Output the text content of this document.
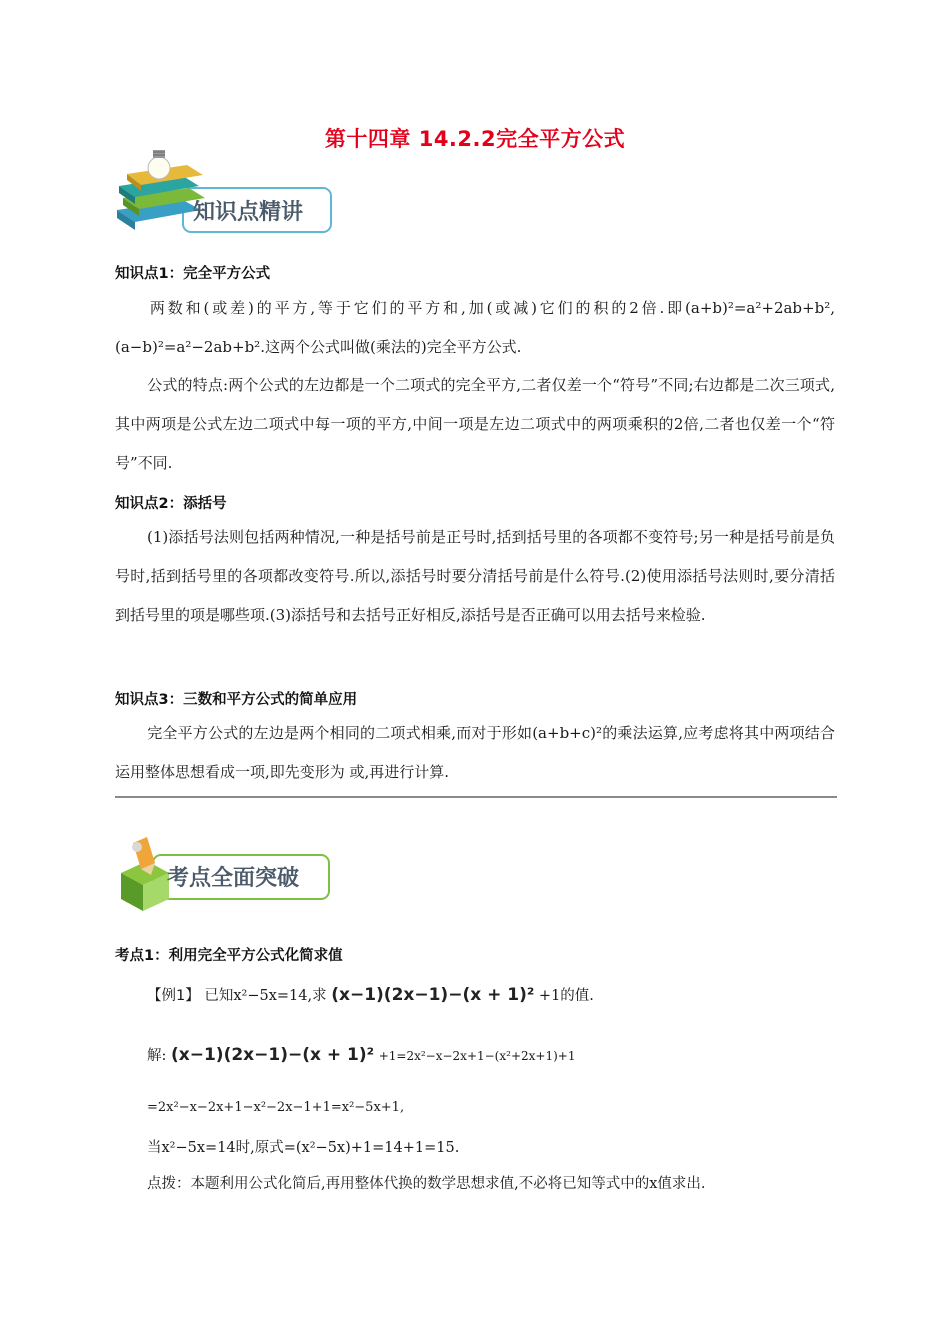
第十四章 14.2.2完全平方公式
知识点精讲
知识点1：完全平方公式
两数和(或差)的平方,等于它们的平方和,加(或减)它们的积的2倍.即(a+b)²=a²+2ab+b²,(a−b)²=a²−2ab+b².这两个公式叫做(乘法的)完全平方公式.
公式的特点:两个公式的左边都是一个二项式的完全平方,二者仅差一个“符号”不同;右边都是二次三项式,其中两项是公式左边二项式中每一项的平方,中间一项是左边二项式中的两项乘积的2倍,二者也仅差一个“符号”不同.
知识点2：添括号
(1)添括号法则包括两种情况,一种是括号前是正号时,括到括号里的各项都不变符号;另一种是括号前是负号时,括到括号里的各项都改变符号.所以,添括号时要分清括号前是什么符号.(2)使用添括号法则时,要分清括到括号里的项是哪些项.(3)添括号和去括号正好相反,添括号是否正确可以用去括号来检验.
知识点3：三数和平方公式的简单应用
完全平方公式的左边是两个相同的二项式相乘,而对于形如(a+b+c)²的乘法运算,应考虑将其中两项结合运用整体思想看成一项,即先变形为 或,再进行计算.
考点全面突破
考点1：利用完全平方公式化简求值
【例1】 已知x²−5x=14,求 (x−1)(2x−1)−(x + 1)² +1的值.
解: (x−1)(2x−1)−(x + 1)² +1=2x²−x−2x+1−(x²+2x+1)+1
=2x²−x−2x+1−x²−2x−1+1=x²−5x+1,
当x²−5x=14时,原式=(x²−5x)+1=14+1=15.
点拨：本题利用公式化简后,再用整体代换的数学思想求值,不必将已知等式中的x值求出.
